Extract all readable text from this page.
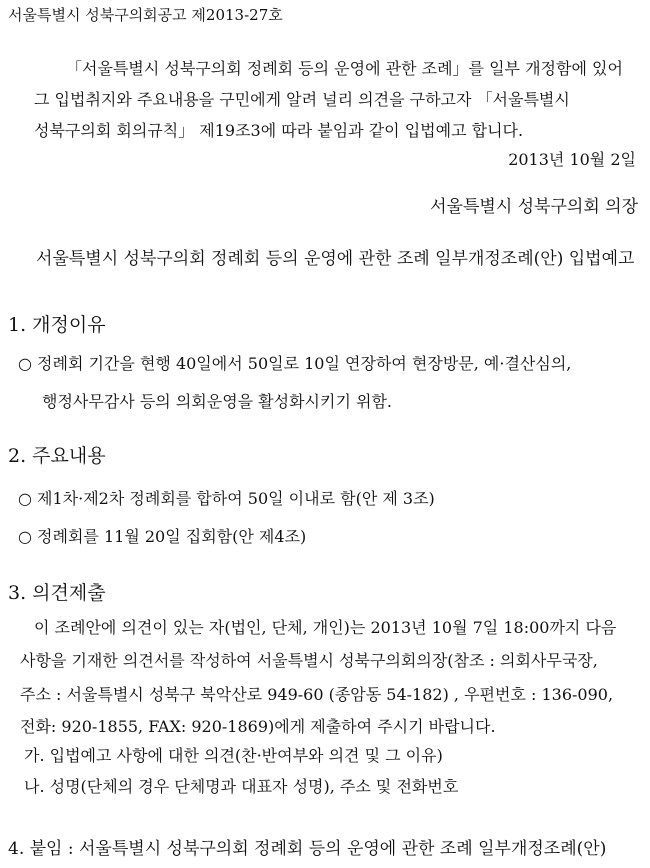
서울특별시 성북구의회공고 제2013-27호

「서울특별시 성북구의회 정례회 등의 운영에 관한 조례」를 일부 개정함에 있어

그 입법취지와 주요내용을 구민에게 알려 널리 의견을 구하고자 「서울특별시

성북구의회 회의규칙」 제19조3에 따라 붙임과 같이 입법예고 합니다.

2013년 10월 2일

서울특별시 성북구의회 의장

서울특별시 성북구의회 정례회 등의 운영에 관한 조례 일부개정조례(안) 입법예고

1. 개정이유

○ 정례회 기간을 현행 40일에서 50일로 10일 연장하여 현장방문, 예·결산심의,

행정사무감사 등의 의회운영을 활성화시키기 위함.

2. 주요내용

○ 제1차·제2차 정례회를 합하여 50일 이내로 함(안 제 3조)

○ 정례회를 11월 20일 집회함(안 제4조)

3. 의견제출

이 조례안에 의견이 있는 자(법인, 단체, 개인)는 2013년 10월 7일 18:00까지 다음

사항을 기재한 의견서를 작성하여 서울특별시 성북구의회의장(참조 : 의회사무국장,

주소 : 서울특별시 성북구 북악산로 949-60 (종암동 54-182) , 우편번호 : 136-090,

전화: 920-1855, FAX: 920-1869)에게 제출하여 주시기 바랍니다.

가. 입법예고 사항에 대한 의견(찬·반여부와 의견 및 그 이유)

나. 성명(단체의 경우 단체명과 대표자 성명), 주소 및 전화번호

4. 붙임 : 서울특별시 성북구의회 정례회 등의 운영에 관한 조례 일부개정조례(안)
